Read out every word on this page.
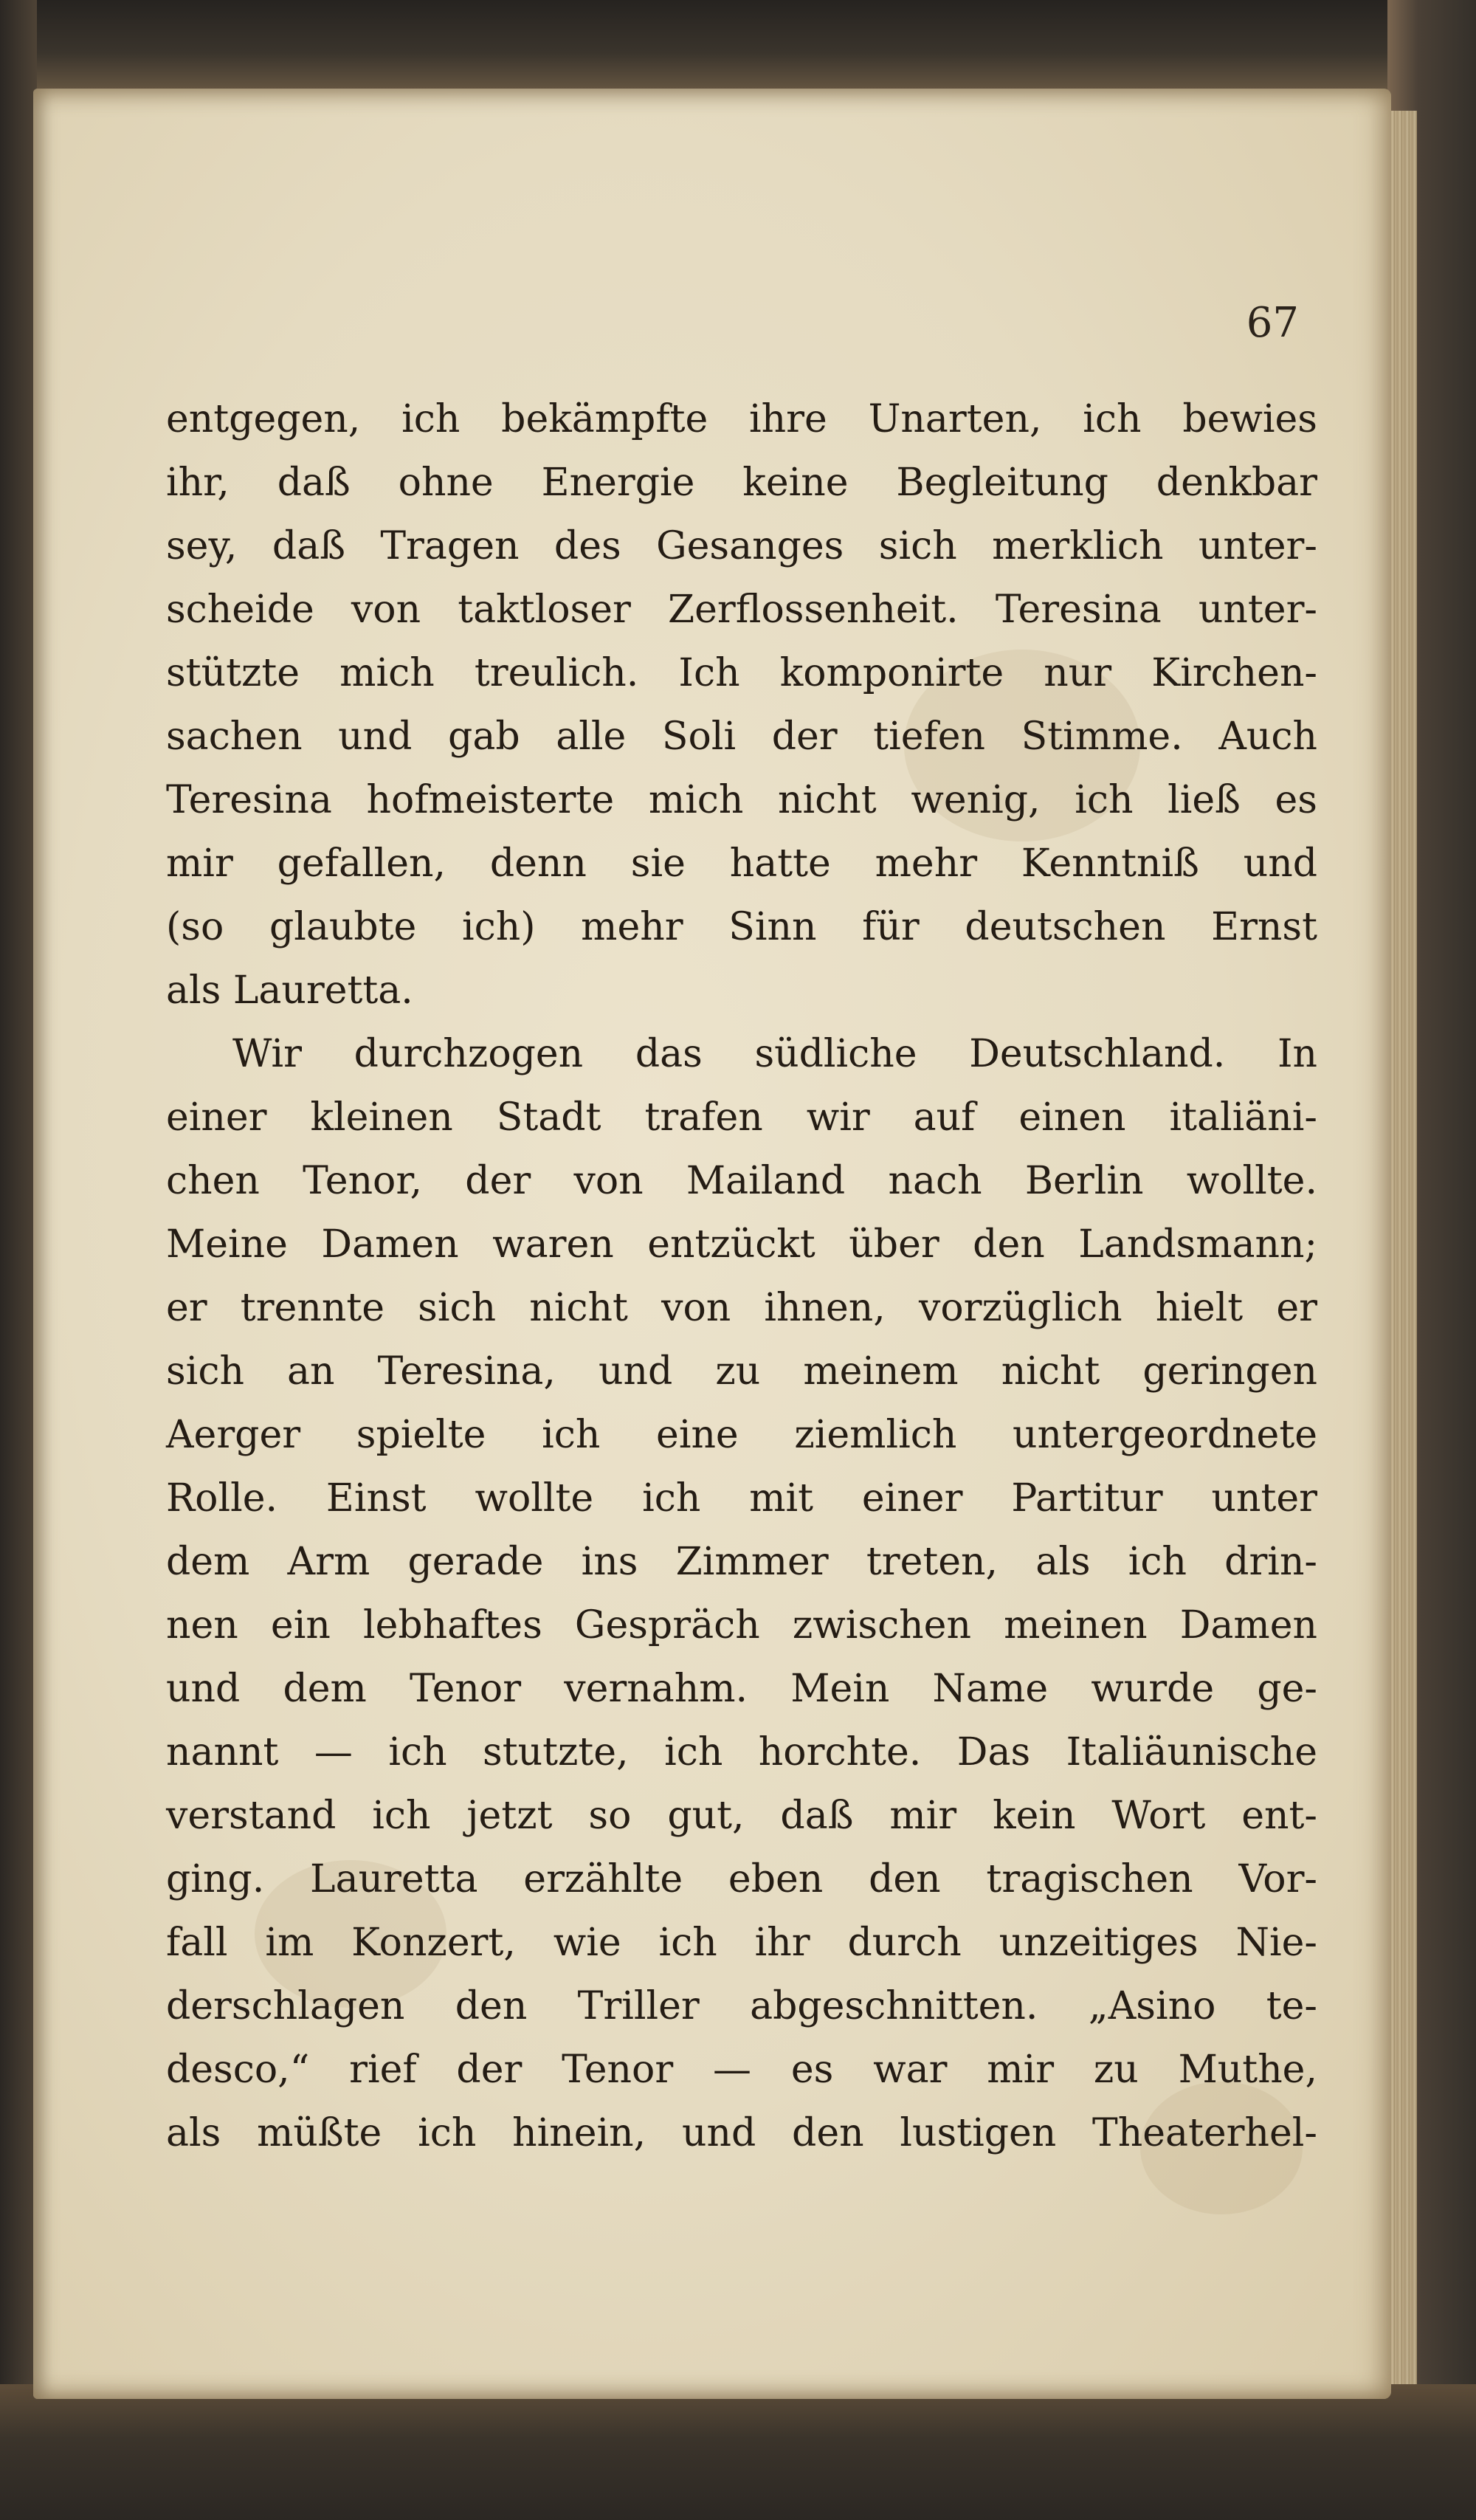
67

entgegen, ich bekämpfte ihre Unarten, ich bewies
ihr, daß ohne Energie keine Begleitung denkbar
sey, daß Tragen des Gesanges sich merklich unter-
scheide von taktloser Zerflossenheit. Teresina unter-
stützte mich treulich. Ich komponirte nur Kirchen-
sachen und gab alle Soli der tiefen Stimme. Auch
Teresina hofmeisterte mich nicht wenig, ich ließ es
mir gefallen, denn sie hatte mehr Kenntniß und
(so glaubte ich) mehr Sinn für deutschen Ernst
als Lauretta.
Wir durchzogen das südliche Deutschland. In
einer kleinen Stadt trafen wir auf einen italiäni-
chen Tenor, der von Mailand nach Berlin wollte.
Meine Damen waren entzückt über den Landsmann;
er trennte sich nicht von ihnen, vorzüglich hielt er
sich an Teresina, und zu meinem nicht geringen
Aerger spielte ich eine ziemlich untergeordnete
Rolle. Einst wollte ich mit einer Partitur unter
dem Arm gerade ins Zimmer treten, als ich drin-
nen ein lebhaftes Gespräch zwischen meinen Damen
und dem Tenor vernahm. Mein Name wurde ge-
nannt — ich stutzte, ich horchte. Das Italiäunische
verstand ich jetzt so gut, daß mir kein Wort ent-
ging. Lauretta erzählte eben den tragischen Vor-
fall im Konzert, wie ich ihr durch unzeitiges Nie-
derschlagen den Triller abgeschnitten. „Asino te-
desco,“ rief der Tenor — es war mir zu Muthe,
als müßte ich hinein, und den lustigen Theaterhel-
